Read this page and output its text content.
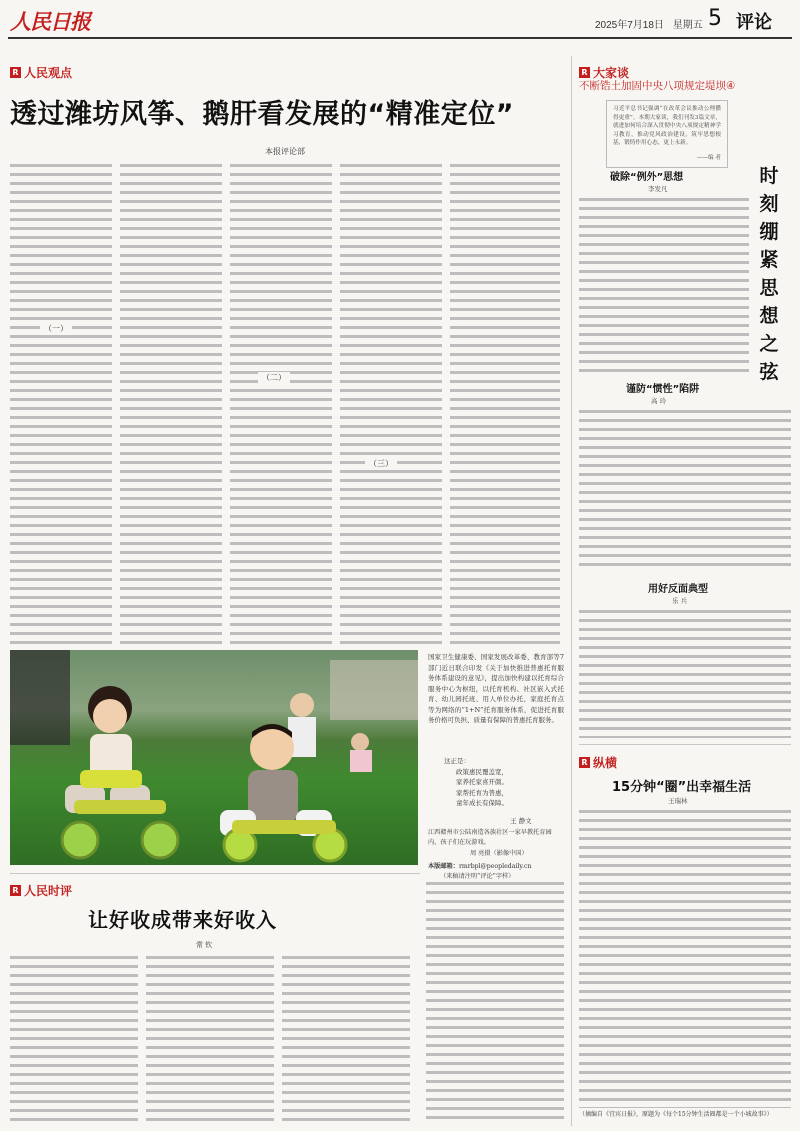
人民日报	2025年7月18日 星期五 5 评论
R 人民观点
透过潍坊风筝、鹅肝看发展的“精准定位”
本报评论部
（一）
（二）
（三）
国家卫生健康委、国家发展改革委、教育部等7部门近日联合印发《关于加快推进普惠托育服务体系建设的意见》，提出加快构建以托育综合服务中心为枢纽，以托育机构、社区嵌入式托育、幼儿园托班、用人单位办托、家庭托育点等为网络的“1+N”托育服务体系，促进托育服务价格可负担、质量有保障的普惠托育服务。
这正是：
政策惠民覆盖宽，
家养托家喜开颜。
家帮托育为普惠，
童年成长有保障。
王 静文
江西赣州市公陆南造各族社区一家早教托育园内，孩子们在玩游戏。
周 亮摄（影像中国）
本版邮箱：rmrbpl@peopledaily.cn
（来稿请注明“评论”字样）
R 人民时评
让好收成带来好收入
常 钦
R 大家谈
不断锆土加固中央八项规定堤坝④
习近平总书记强调“在改革会议推动公理攒得更重”。本期大家谈，我们刊发3篇文章，就进加何培合深入贯彻中央八项规定精神学习教育，推动党风政治建设，筑牢思想根基，锻铸作用心态，更上永新。
——编 者
时刻绷紧思想之弦
破除“例外”思想
李发凡
谨防“惯性”陷阱
高 玲
用好反面典型
乐 兵
R 纵横
15分钟“圈”出幸福生活
王瑞林
（摘编自《宜宾日报》，原题为《每个15分钟生活圈都是一个小城故事》）
